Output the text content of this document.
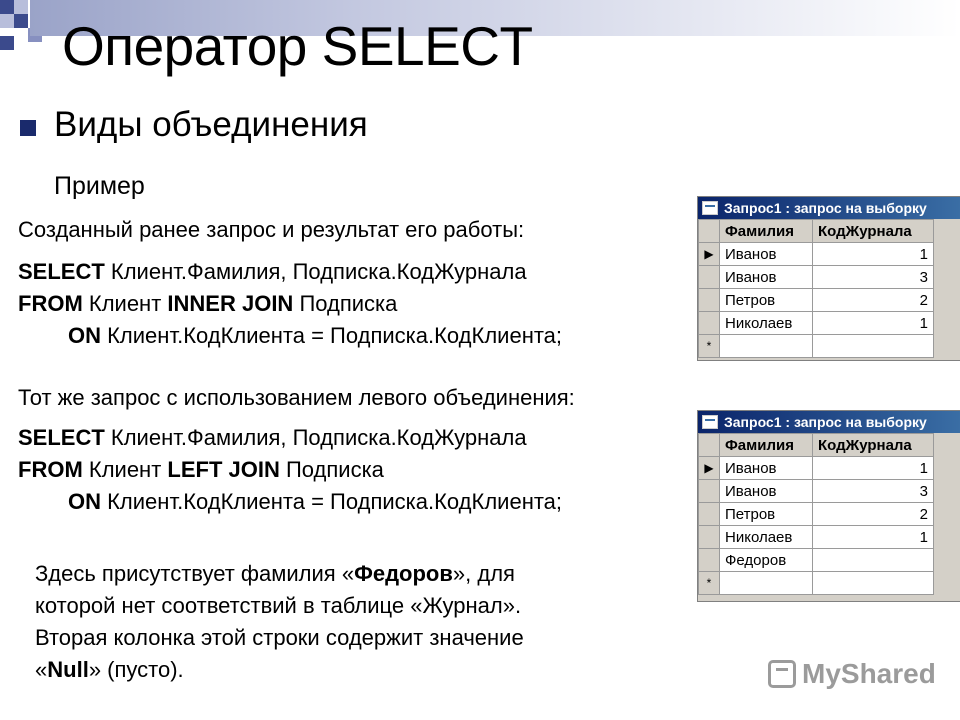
Оператор SELECT
Виды объединения
Пример
Созданный ранее запрос и результат его работы:
SELECT Клиент.Фамилия, Подписка.КодЖурнала
FROM Клиент INNER JOIN Подписка
ON Клиент.КодКлиента = Подписка.КодКлиента;
Тот же запрос с использованием левого объединения:
SELECT Клиент.Фамилия, Подписка.КодЖурнала
FROM Клиент LEFT JOIN Подписка
ON Клиент.КодКлиента = Подписка.КодКлиента;
Здесь присутствует фамилия «Федоров», для
которой нет соответствий в таблице «Журнал».
Вторая колонка этой строки содержит значение
«Null» (пусто).
Запрос1 : запрос на выборку
	Фамилия	КодЖурнала
▶	Иванов	1
	Иванов	3
	Петров	2
	Николаев	1
*		
Запрос1 : запрос на выборку
	Фамилия	КодЖурнала
▶	Иванов	1
	Иванов	3
	Петров	2
	Николаев	1
	Федоров	
*		
MyShared
